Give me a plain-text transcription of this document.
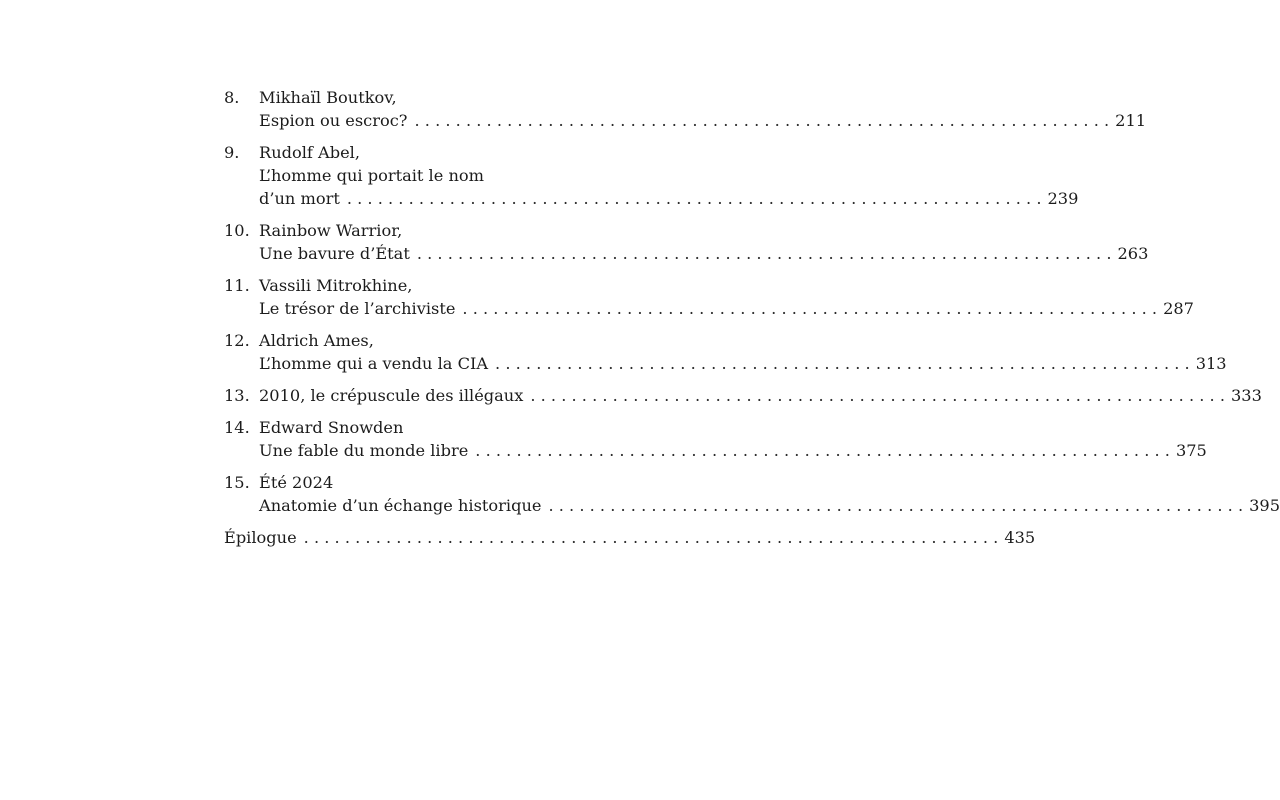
8.	Mikhaïl Boutkov,
Espion ou escroc? . . .	211
9.	Rudolf Abel,
L’homme qui portait le nom
d’un mort . . .	239
10. Rainbow Warrior,
Une bavure d’État . . .	263
11. Vassili Mitrokhine,
Le trésor de l’archiviste . . .	287
12. Aldrich Ames,
L’homme qui a vendu la CIA . . .	313
13. 2010, le crépuscule des illégaux . . .	333
14. Edward Snowden
Une fable du monde libre . . .	375
15. Été 2024
Anatomie d’un échange historique . . .	395
Épilogue . . .	435
